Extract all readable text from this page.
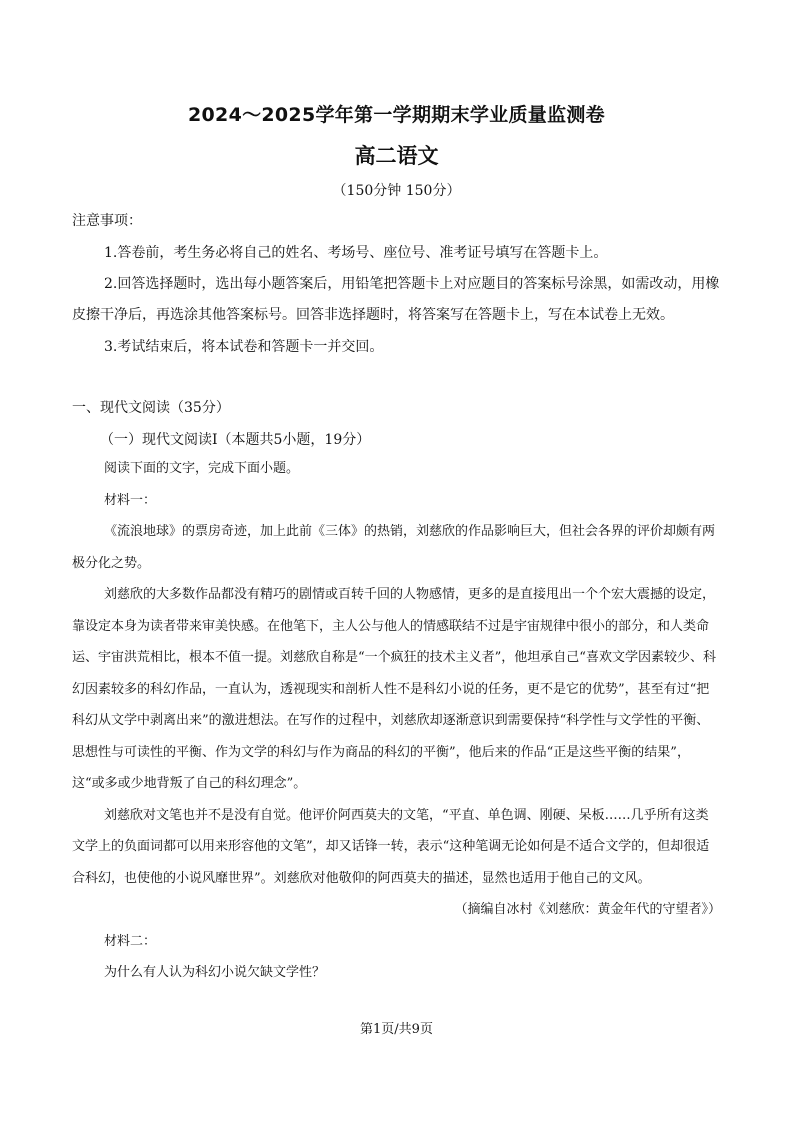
2024～2025学年第一学期期末学业质量监测卷
高二语文
（150分钟 150分）

注意事项：

1.答卷前，考生务必将自己的姓名、考场号、座位号、准考证号填写在答题卡上。

2.回答选择题时，选出每小题答案后，用铅笔把答题卡上对应题目的答案标号涂黑，如需改动，用橡皮擦干净后，再选涂其他答案标号。回答非选择题时，将答案写在答题卡上，写在本试卷上无效。

3.考试结束后，将本试卷和答题卡一并交回。

一、现代文阅读（35分）
（一）现代文阅读Ⅰ（本题共5小题，19分）

阅读下面的文字，完成下面小题。

材料一：

《流浪地球》的票房奇迹，加上此前《三体》的热销，刘慈欣的作品影响巨大，但社会各界的评价却颇有两极分化之势。

刘慈欣的大多数作品都没有精巧的剧情或百转千回的人物感情，更多的是直接甩出一个个宏大震撼的设定，靠设定本身为读者带来审美快感。在他笔下，主人公与他人的情感联结不过是宇宙规律中很小的部分，和人类命运、宇宙洪荒相比，根本不值一提。刘慈欣自称是“一个疯狂的技术主义者”，他坦承自己“喜欢文学因素较少、科幻因素较多的科幻作品，一直认为，透视现实和剖析人性不是科幻小说的任务，更不是它的优势”，甚至有过“把科幻从文学中剥离出来”的激进想法。在写作的过程中，刘慈欣却逐渐意识到需要保持“科学性与文学性的平衡、思想性与可读性的平衡、作为文学的科幻与作为商品的科幻的平衡”，他后来的作品“正是这些平衡的结果”，这“或多或少地背叛了自己的科幻理念”。

刘慈欣对文笔也并不是没有自觉。他评价阿西莫夫的文笔，“平直、单色调、刚硬、呆板……几乎所有这类文学上的负面词都可以用来形容他的文笔”，却又话锋一转，表示“这种笔调无论如何是不适合文学的，但却很适合科幻，也使他的小说风靡世界”。刘慈欣对他敬仰的阿西莫夫的描述，显然也适用于他自己的文风。

（摘编自冰村《刘慈欣：黄金年代的守望者》）

材料二：

为什么有人认为科幻小说欠缺文学性？

第1页/共9页
